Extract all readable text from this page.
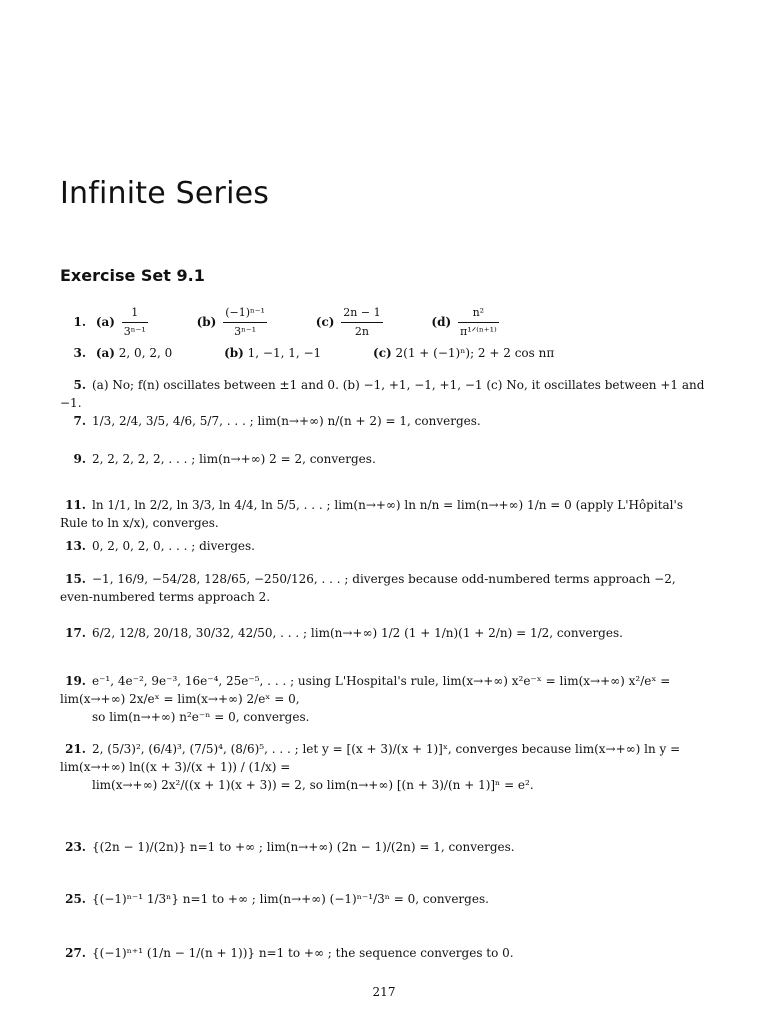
Infinite Series
Exercise Set 9.1
1. $(a) \frac{1}{\text{3ⁿ⁻¹}}$	$(b) \frac{\text{(−1)ⁿ⁻¹}}{\text{3ⁿ⁻¹}}$	$(c) \frac{2n - 1}{2n}$	$(d) \frac{\text{n²}}{\text{π¹ᐟ⁽ⁿ⁺¹⁾}}$
3. (a) 2, 0, 2, 0	(b) 1, −1, 1, −1	(c) 2(1 + (−1)ⁿ); 2 + 2 cos nπ
5. (a) No; f(n) oscillates between ±1 and 0. (b) −1, +1, −1, +1, −1 (c) No, it oscillates between +1 and −1.
7. 1/3, 2/4, 3/5, 4/6, 5/7, . . . ; lim(n→+∞) n/(n + 2) = 1, converges.
9. 2, 2, 2, 2, 2, . . . ; lim(n→+∞) 2 = 2, converges.
11. ln 1/1, ln 2/2, ln 3/3, ln 4/4, ln 5/5, . . . ; lim(n→+∞) ln n/n = lim(n→+∞) 1/n = 0 (apply L'Hôpital's Rule to ln x/x), converges.
13. 0, 2, 0, 2, 0, . . . ; diverges.
15. −1, 16/9, −54/28, 128/65, −250/126, . . . ; diverges because odd-numbered terms approach −2, even-numbered terms approach 2.
17. 6/2, 12/8, 20/18, 30/32, 42/50, . . . ; lim(n→+∞) 1/2 (1 + 1/n)(1 + 2/n) = 1/2, converges.
19. e⁻¹, 4e⁻², 9e⁻³, 16e⁻⁴, 25e⁻⁵, . . . ; using L'Hospital's rule, lim(x→+∞) x²e⁻ˣ = lim(x→+∞) x²/eˣ = lim(x→+∞) 2x/eˣ = lim(x→+∞) 2/eˣ = 0,
so lim(n→+∞) n²e⁻ⁿ = 0, converges.
21. 2, (5/3)², (6/4)³, (7/5)⁴, (8/6)⁵, . . . ; let y = [(x + 3)/(x + 1)]ˣ, converges because lim(x→+∞) ln y = lim(x→+∞) ln((x + 3)/(x + 1)) / (1/x) =
lim(x→+∞) 2x²/((x + 1)(x + 3)) = 2, so lim(n→+∞) [(n + 3)/(n + 1)]ⁿ = e².
23. {(2n − 1)/(2n)} n=1 to +∞ ; lim(n→+∞) (2n − 1)/(2n) = 1, converges.
25. {(−1)ⁿ⁻¹ 1/3ⁿ} n=1 to +∞ ; lim(n→+∞) (−1)ⁿ⁻¹/3ⁿ = 0, converges.
27. {(−1)ⁿ⁺¹ (1/n − 1/(n + 1))} n=1 to +∞ ; the sequence converges to 0.
217
